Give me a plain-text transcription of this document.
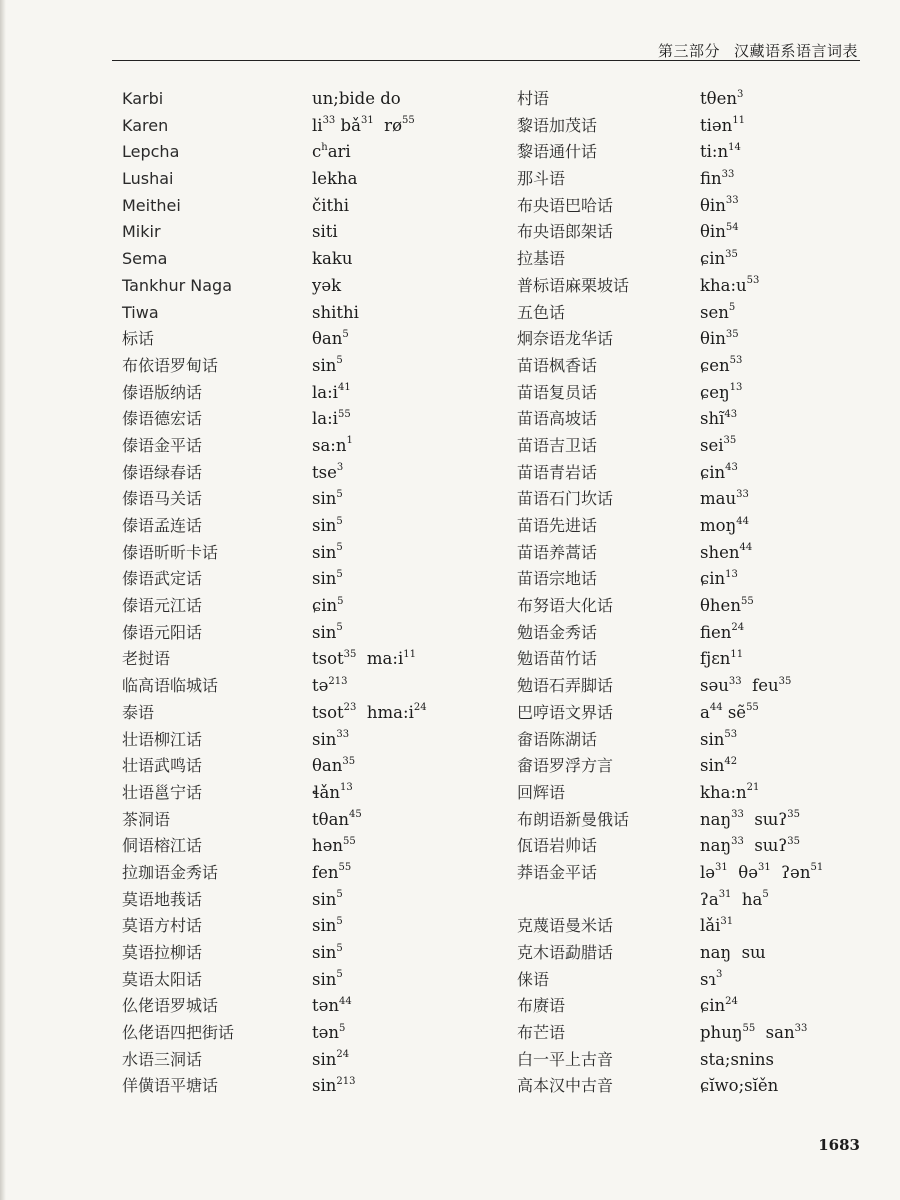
第三部分 汉藏语系语言词表
Karbi
Karen
Lepcha
Lushai
Meithei
Mikir
Sema
Tankhur Naga
Tiwa
标话
布依语罗甸话
傣语版纳话
傣语德宏话
傣语金平话
傣语绿春话
傣语马关话
傣语孟连话
傣语昕昕卡话
傣语武定话
傣语元江话
傣语元阳话
老挝语
临高语临城话
泰语
壮语柳江话
壮语武鸣话
壮语邕宁话
茶洞语
侗语榕江话
拉珈语金秀话
莫语地莪话
莫语方村话
莫语拉柳话
莫语太阳话
仫佬语罗城话
仫佬语四把街话
水语三洞话
佯僙语平塘话
un;bide do
$li^{33}$ $bǎ^{31}$  $rø^{55}$
$c^hari$
lekha
čithi
siti
kaku
yək
shithi
θan$^5$
$\sin^5$
$la:i^{41}$
$la:i^{55}$
$sa:n^1$
tse$^3$
$\sin^5$
$\sin^5$
$\sin^5$
$\sin^5$
ɕin$^5$
$\sin^5$
tsot$^{35}$  $ma:i^{11}$
tə$^{213}$
tsot$^{23}$  $hma:i^{24}$
$\sin^{33}$
θan$^{35}$
ɬǎn$^{13}$
tθan$^{45}$
hən$^{55}$
fen$^{55}$
$\sin^5$
$\sin^5$
$\sin^5$
$\sin^5$
tən$^{44}$
tən$^5$
$\sin^{24}$
$\sin^{213}$
村语
黎语加茂话
黎语通什话
那斗语
布央语巴哈话
布央语郎架话
拉基语
普标语麻栗坡话
五色话
炯奈语龙华话
苗语枫香话
苗语复员话
苗语高坡话
苗语吉卫话
苗语青岩话
苗语石门坎话
苗语先进话
苗语养蒿话
苗语宗地话
布努语大化话
勉语金秀话
勉语苗竹话
勉语石弄脚话
巴哼语文界话
畲语陈湖话
畲语罗浮方言
回辉语
布朗语新曼俄话
佤语岩帅话
莽语金平话
克蔑语曼米话
克木语勐腊话
俫语
布赓语
布芒语
白一平上古音
高本汉中古音
tθen$^3$
tiən$^{11}$
$ti:n^{14}$
fin$^{33}$
θin$^{33}$
θin$^{54}$
ɕin$^{35}$
$kha:u^{53}$
sen$^5$
θin$^{35}$
ɕen$^{53}$
ɕeŋ$^{13}$
shĩ$^{43}$
sei$^{35}$
ɕin$^{43}$
mau$^{33}$
moŋ$^{44}$
shen$^{44}$
ɕin$^{13}$
θhen$^{55}$
fien$^{24}$
fjɛn$^{11}$
səu$^{33}$  feu$^{35}$
$a^{44}$ sẽ$^{55}$
$\sin^{53}$
$\sin^{42}$
$kha:n^{21}$
naŋ$^{33}$  sɯʔ$^{35}$
naŋ$^{33}$  sɯʔ$^{35}$
lə$^{31}$  θə$^{31}$  ʔən$^{51}$
ʔa$^{31}$  $ha^5$
lǎi$^{31}$
naŋ  sɯ
sɿ$^3$
ɕin$^{24}$
phuŋ$^{55}$  san$^{33}$
sta;snins
ɕĭwo;sĭěn
1683
